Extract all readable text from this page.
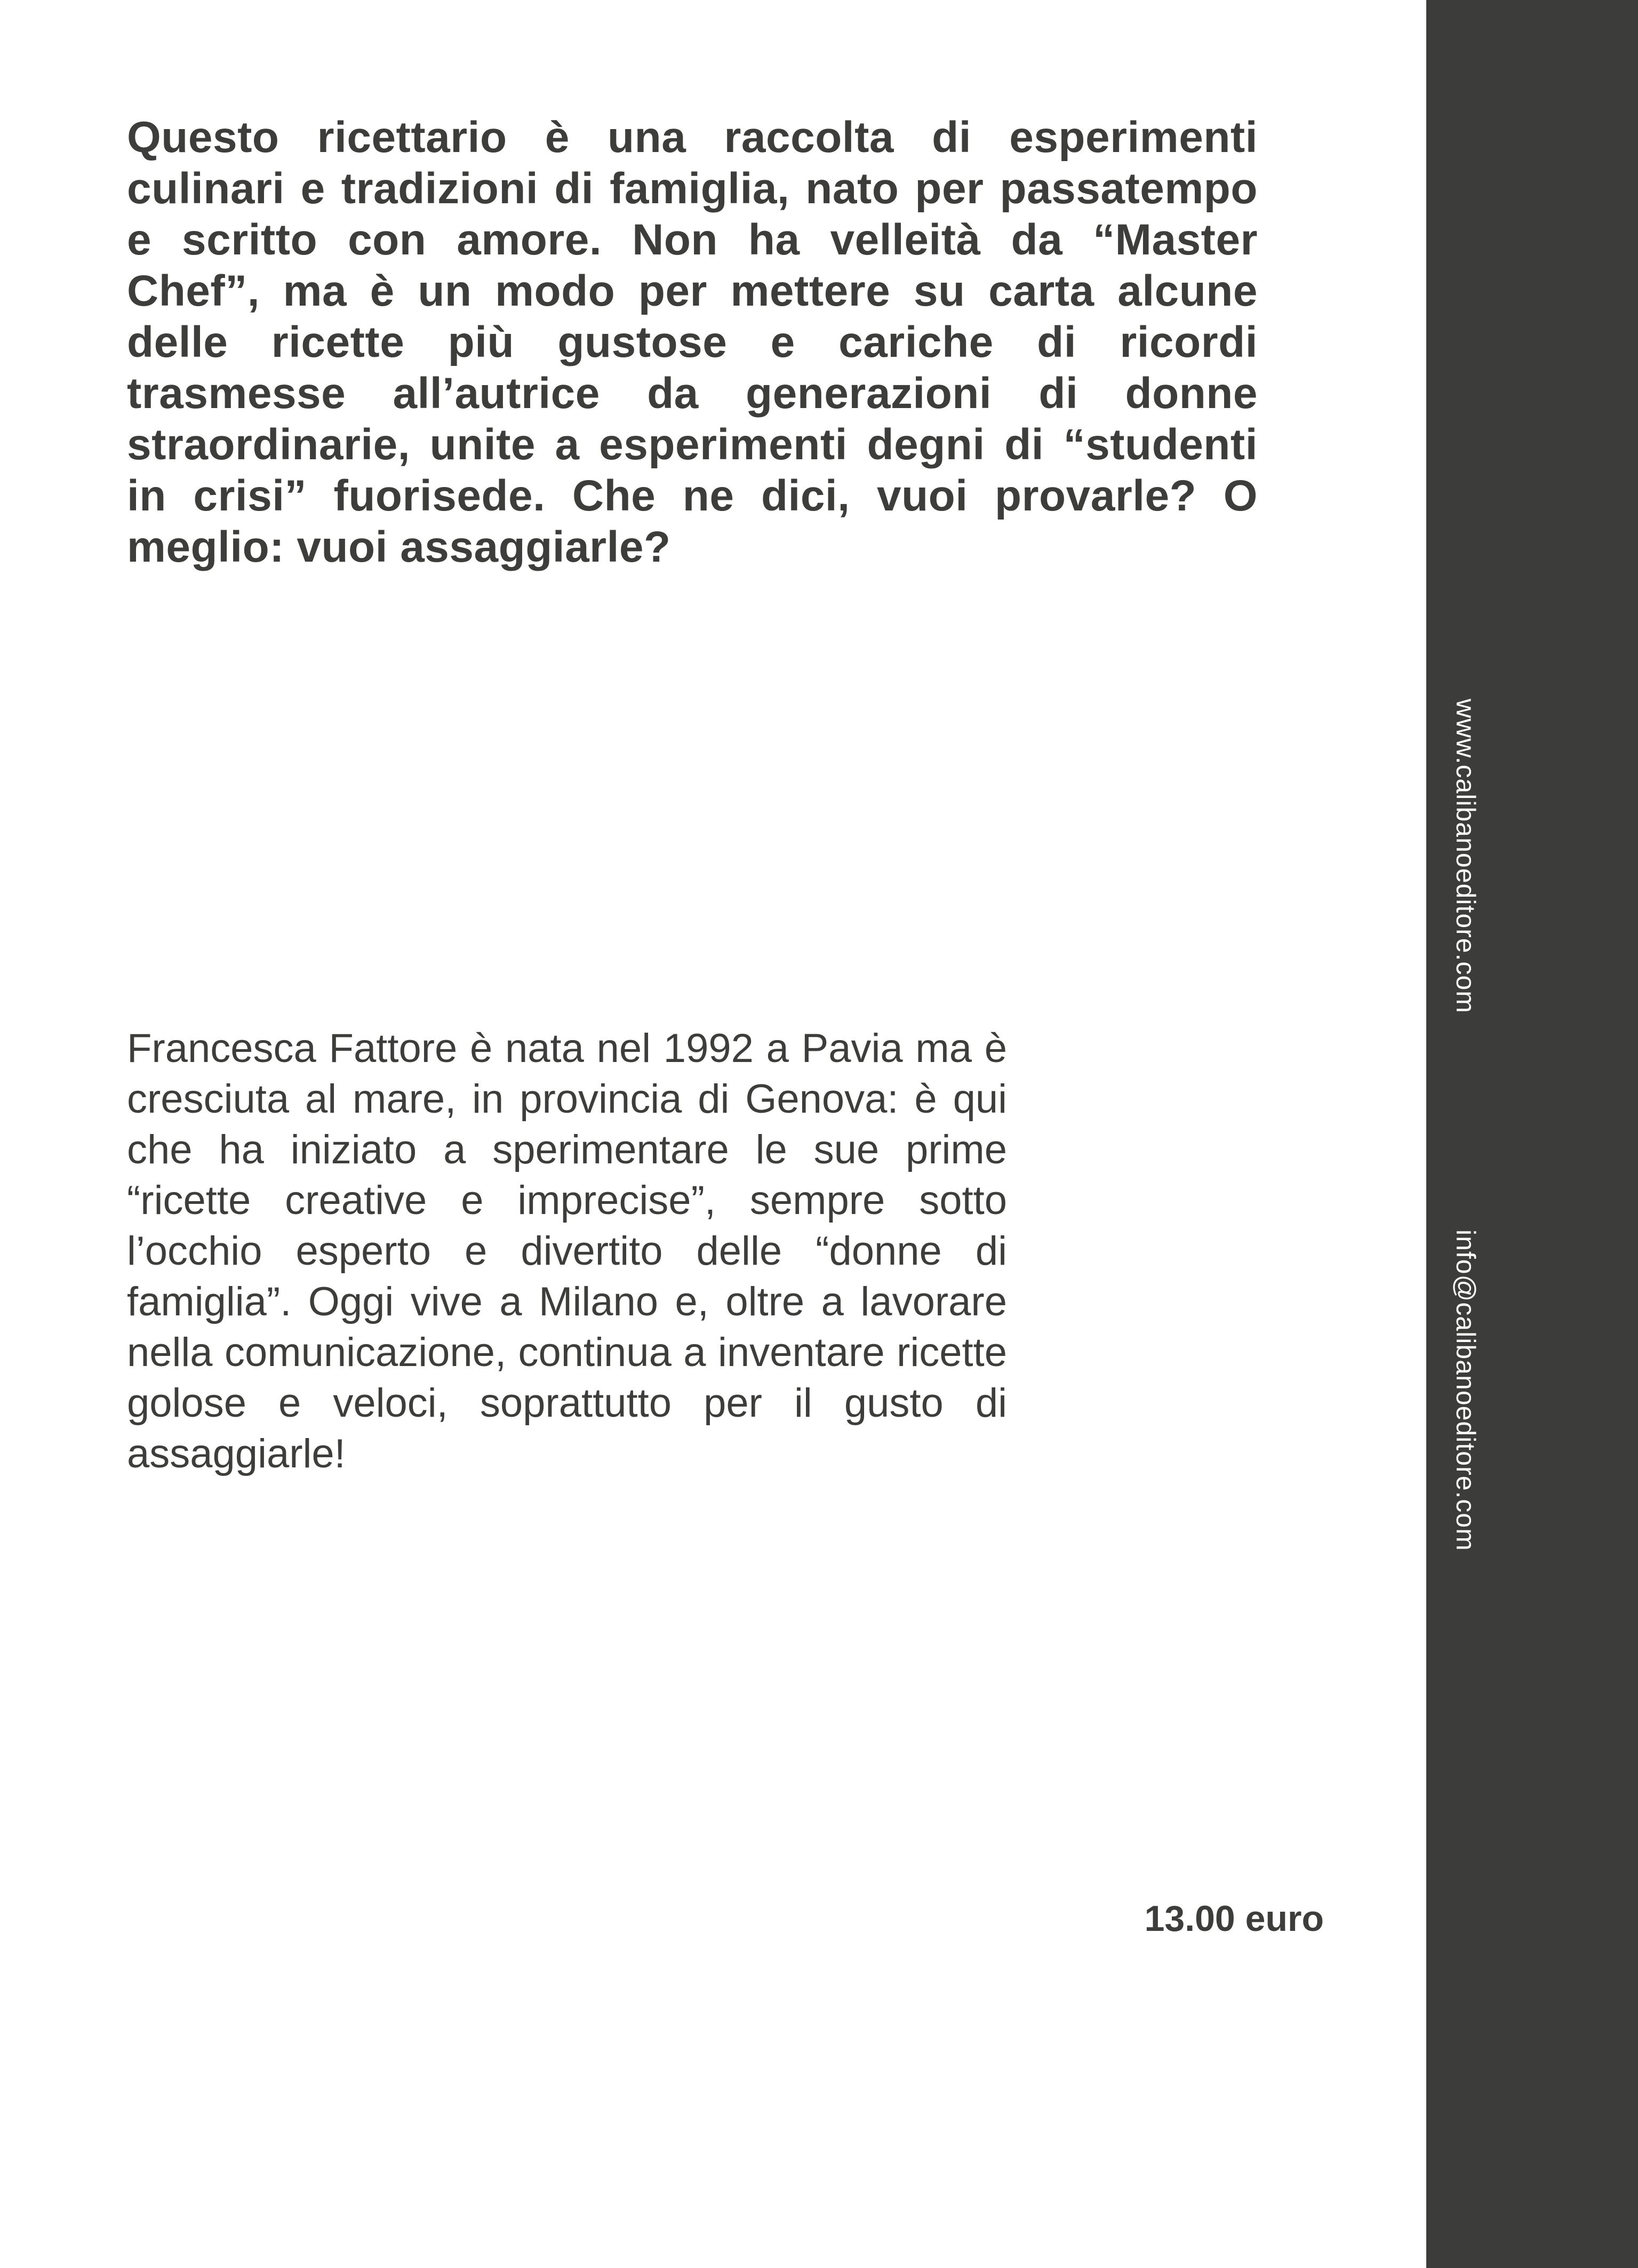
Questo ricettario è una raccolta di esperimenti culinari e tradizioni di famiglia, nato per passatempo e scritto con amore. Non ha velleità da “Master Chef”, ma è un modo per mettere su carta alcune delle ricette più gustose e cariche di ricordi trasmesse all’autrice da generazioni di donne straordinarie, unite a esperimenti degni di “studenti in crisi” fuorisede. Che ne dici, vuoi provarle? O meglio: vuoi assaggiarle?

Francesca Fattore è nata nel 1992 a Pavia ma è cresciuta al mare, in provincia di Genova: è qui che ha iniziato a sperimentare le sue prime “ricette creative e imprecise”, sempre sotto l’occhio esperto e divertito delle “donne di famiglia”. Oggi vive a Milano e, oltre a lavorare nella comunicazione, continua a inventare ricette golose e veloci, soprattutto per il gusto di assaggiarle!

13.00 euro

www.calibanoeditore.com

info@calibanoeditore.com
